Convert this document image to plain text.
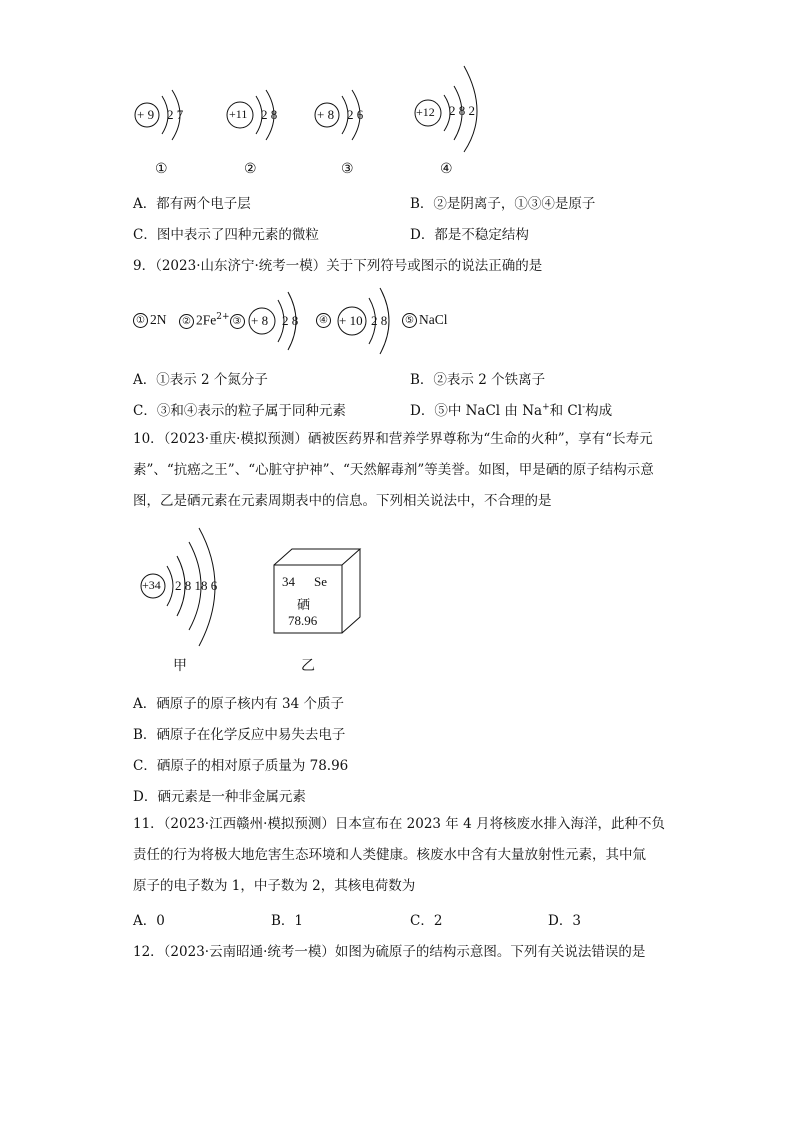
+ 9 2 7
①
+11 2 8
②
+ 8 2 6
③
+12 2 8 2
④
A．都有两个电子层	B．②是阴离子，①③④是原子
C．图中表示了四种元素的微粒	D．都是不稳定结构
9．（2023·山东济宁·统考一模）关于下列符号或图示的说法正确的是
① 2N	② $2Fe^{2+}$ ③ + 8 2 8	④ + 10 2 8	⑤ NaCl
A．①表示 2 个氮分子	B．②表示 2 个铁离子
C．③和④表示的粒子属于同种元素	D．⑤中 NaCl 由 Na+和 Cl-构成
10．（2023·重庆·模拟预测）硒被医药界和营养学界尊称为“生命的火种”，享有“长寿元
素”、“抗癌之王”、“心脏守护神”、“天然解毒剂”等美誉。如图，甲是硒的原子结构示意
图，乙是硒元素在元素周期表中的信息。下列相关说法中，不合理的是
+34 2 8 18 6
甲
34 Se
硒
78.96
乙
A．硒原子的原子核内有 34 个质子
B．硒原子在化学反应中易失去电子
C．硒原子的相对原子质量为 78.96
D．硒元素是一种非金属元素
11．（2023·江西赣州·模拟预测）日本宣布在 2023 年 4 月将核废水排入海洋，此种不负
责任的行为将极大地危害生态环境和人类健康。核废水中含有大量放射性元素，其中氚
原子的电子数为 1，中子数为 2，其核电荷数为
A．0	B．1	C．2	D．3
12．（2023·云南昭通·统考一模）如图为硫原子的结构示意图。下列有关说法错误的是
